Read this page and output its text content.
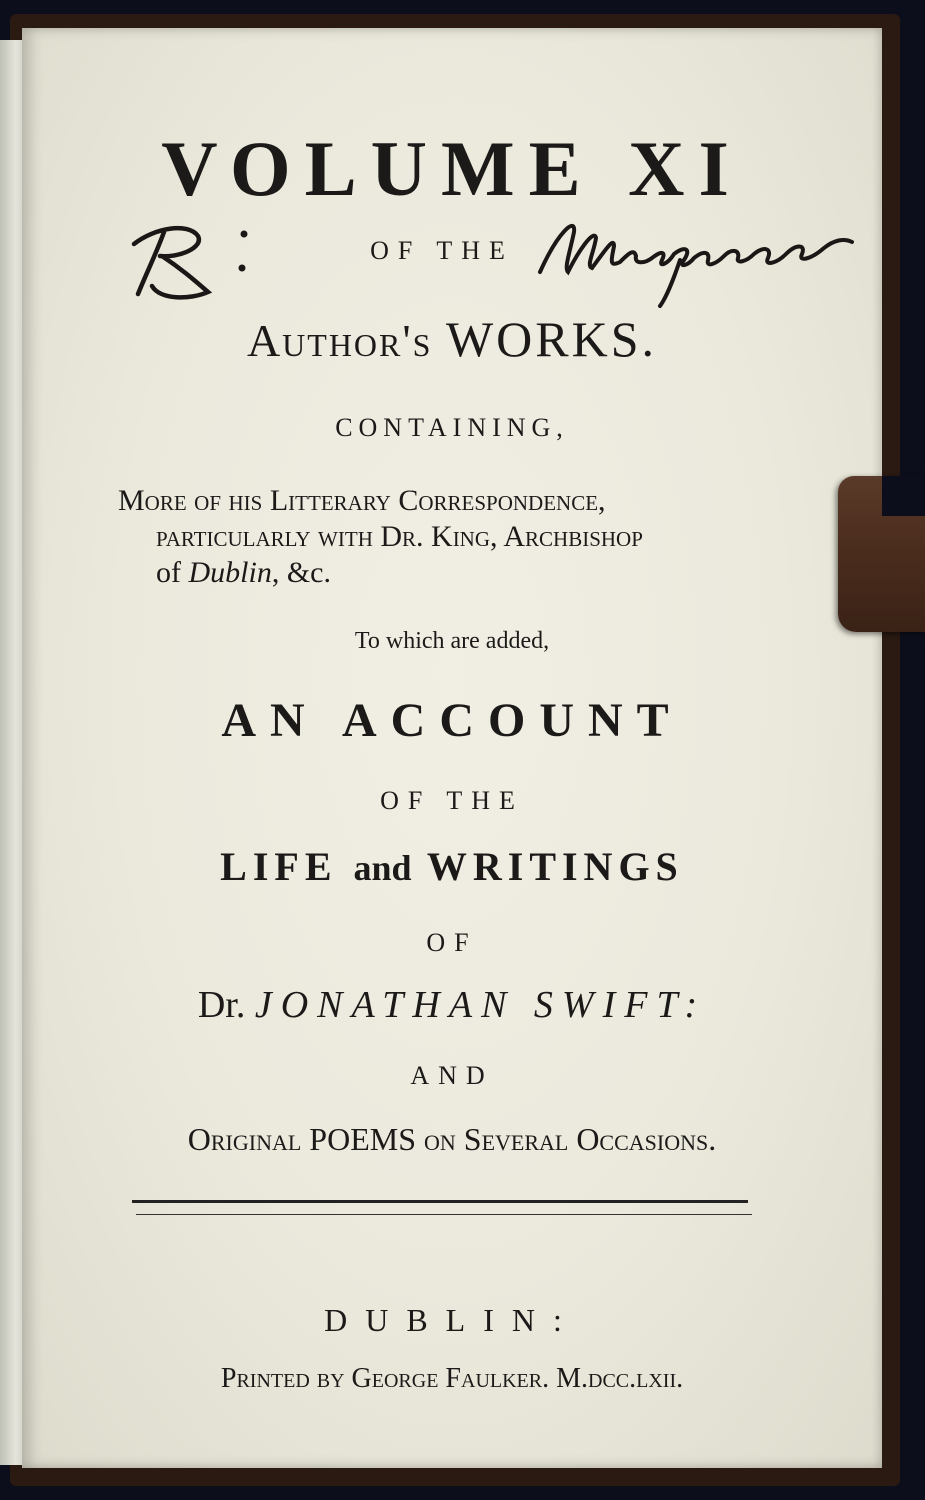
VOLUME XI
OF THE
Author's WORKS.
CONTAINING,
More of his Litterary Correspondence,
particularly with Dr. King, Archbishop
of Dublin, &c.
To which are added,
AN ACCOUNT
OF THE
LIFE and WRITINGS
OF
Dr. JONATHAN SWIFT:
AND
Original POEMS on Several Occasions.
DUBLIN:
Printed by George Faulker. M.dcc.lxii.
